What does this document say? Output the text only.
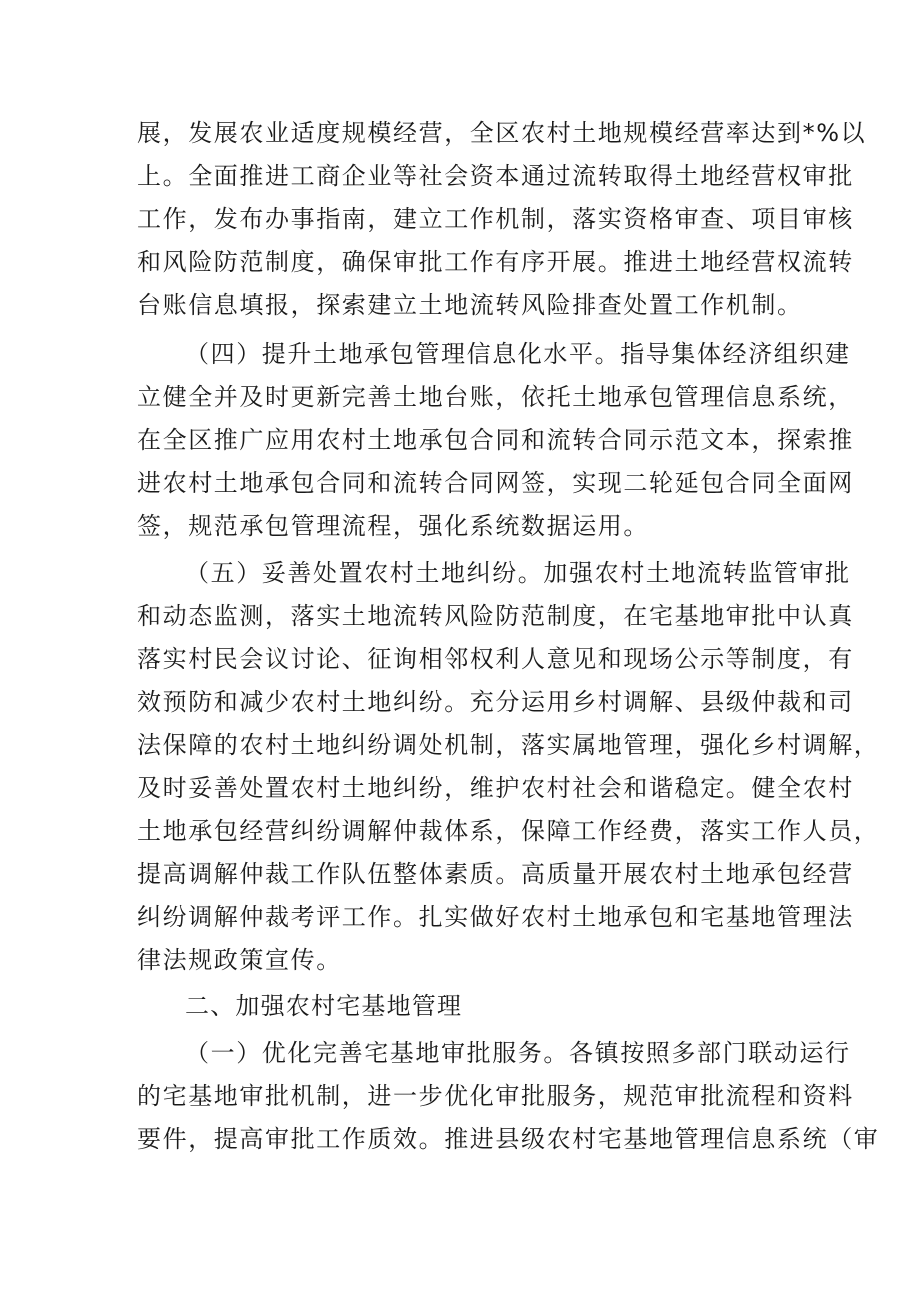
展，发展农业适度规模经营，全区农村土地规模经营率达到*%以
上。全面推进工商企业等社会资本通过流转取得土地经营权审批
工作，发布办事指南，建立工作机制，落实资格审查、项目审核
和风险防范制度，确保审批工作有序开展。推进土地经营权流转
台账信息填报，探索建立土地流转风险排查处置工作机制。
（四）提升土地承包管理信息化水平。指导集体经济组织建
立健全并及时更新完善土地台账，依托土地承包管理信息系统，
在全区推广应用农村土地承包合同和流转合同示范文本，探索推
进农村土地承包合同和流转合同网签，实现二轮延包合同全面网
签，规范承包管理流程，强化系统数据运用。
（五）妥善处置农村土地纠纷。加强农村土地流转监管审批
和动态监测，落实土地流转风险防范制度，在宅基地审批中认真
落实村民会议讨论、征询相邻权利人意见和现场公示等制度，有
效预防和减少农村土地纠纷。充分运用乡村调解、县级仲裁和司
法保障的农村土地纠纷调处机制，落实属地管理，强化乡村调解，
及时妥善处置农村土地纠纷，维护农村社会和谐稳定。健全农村
土地承包经营纠纷调解仲裁体系，保障工作经费，落实工作人员，
提高调解仲裁工作队伍整体素质。高质量开展农村土地承包经营
纠纷调解仲裁考评工作。扎实做好农村土地承包和宅基地管理法
律法规政策宣传。
二、加强农村宅基地管理
（一）优化完善宅基地审批服务。各镇按照多部门联动运行
的宅基地审批机制，进一步优化审批服务，规范审批流程和资料
要件，提高审批工作质效。推进县级农村宅基地管理信息系统（审
